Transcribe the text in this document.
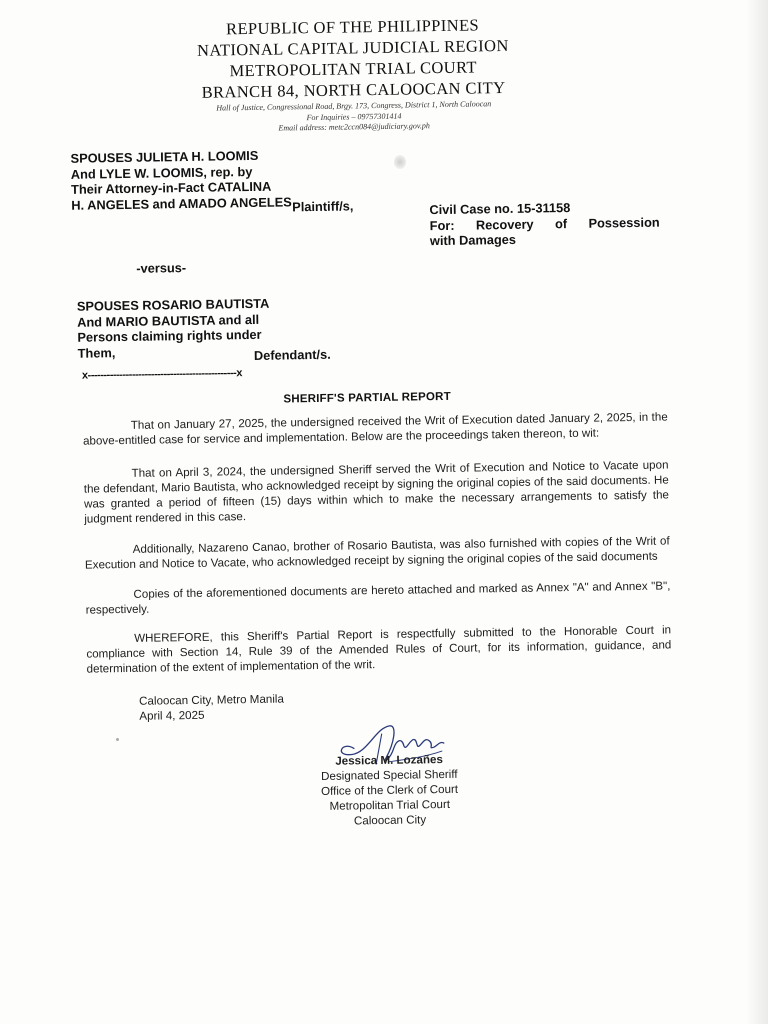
REPUBLIC OF THE PHILIPPINES
NATIONAL CAPITAL JUDICIAL REGION
METROPOLITAN TRIAL COURT
BRANCH 84, NORTH CALOOCAN CITY
Hall of Justice, Congressional Road, Brgy. 173, Congress, District 1, North Caloocan
For Inquiries – 09757301414
Email address: metc2ccn084@judiciary.gov.ph
SPOUSES JULIETA H. LOOMIS
And LYLE W. LOOMIS, rep. by
Their Attorney-in-Fact CATALINA
H. ANGELES and AMADO ANGELES Plaintiff/s,	Civil Case no. 15-31158
For: Recovery of Possession
with Damages
-versus-
SPOUSES ROSARIO BAUTISTA
And MARIO BAUTISTA and all
Persons claiming rights under
Them,	Defendant/s.
x-----------------------------------------------x
SHERIFF'S PARTIAL REPORT
That on January 27, 2025, the undersigned received the Writ of Execution dated January 2, 2025, in the above-entitled case for service and implementation. Below are the proceedings taken thereon, to wit:
That on April 3, 2024, the undersigned Sheriff served the Writ of Execution and Notice to Vacate upon the defendant, Mario Bautista, who acknowledged receipt by signing the original copies of the said documents. He was granted a period of fifteen (15) days within which to make the necessary arrangements to satisfy the judgment rendered in this case.
Additionally, Nazareno Canao, brother of Rosario Bautista, was also furnished with copies of the Writ of Execution and Notice to Vacate, who acknowledged receipt by signing the original copies of the said documents
Copies of the aforementioned documents are hereto attached and marked as Annex "A" and Annex "B", respectively.
WHEREFORE, this Sheriff's Partial Report is respectfully submitted to the Honorable Court in compliance with Section 14, Rule 39 of the Amended Rules of Court, for its information, guidance, and determination of the extent of implementation of the writ.
Caloocan City, Metro Manila
April 4, 2025
Jessica M. Lozañes
Designated Special Sheriff
Office of the Clerk of Court
Metropolitan Trial Court
Caloocan City
